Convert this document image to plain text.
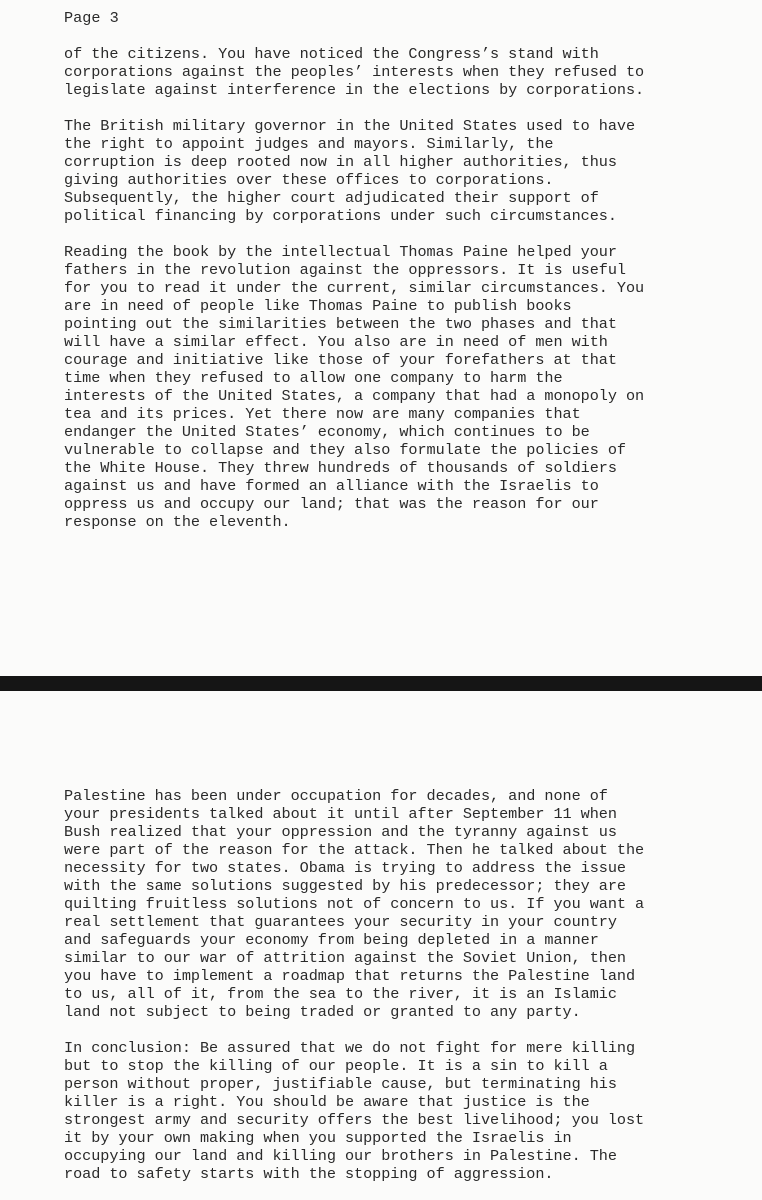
Page 3

of the citizens. You have noticed the Congress’s stand with
corporations against the peoples’ interests when they refused to
legislate against interference in the elections by corporations.

The British military governor in the United States used to have
the right to appoint judges and mayors. Similarly, the
corruption is deep rooted now in all higher authorities, thus
giving authorities over these offices to corporations.
Subsequently, the higher court adjudicated their support of
political financing by corporations under such circumstances.

Reading the book by the intellectual Thomas Paine helped your
fathers in the revolution against the oppressors. It is useful
for you to read it under the current, similar circumstances. You
are in need of people like Thomas Paine to publish books
pointing out the similarities between the two phases and that
will have a similar effect. You also are in need of men with
courage and initiative like those of your forefathers at that
time when they refused to allow one company to harm the
interests of the United States, a company that had a monopoly on
tea and its prices. Yet there now are many companies that
endanger the United States’ economy, which continues to be
vulnerable to collapse and they also formulate the policies of
the White House. They threw hundreds of thousands of soldiers
against us and have formed an alliance with the Israelis to
oppress us and occupy our land; that was the reason for our
response on the eleventh.

Palestine has been under occupation for decades, and none of
your presidents talked about it until after September 11 when
Bush realized that your oppression and the tyranny against us
were part of the reason for the attack. Then he talked about the
necessity for two states. Obama is trying to address the issue
with the same solutions suggested by his predecessor; they are
quilting fruitless solutions not of concern to us. If you want a
real settlement that guarantees your security in your country
and safeguards your economy from being depleted in a manner
similar to our war of attrition against the Soviet Union, then
you have to implement a roadmap that returns the Palestine land
to us, all of it, from the sea to the river, it is an Islamic
land not subject to being traded or granted to any party.

In conclusion: Be assured that we do not fight for mere killing
but to stop the killing of our people. It is a sin to kill a
person without proper, justifiable cause, but terminating his
killer is a right. You should be aware that justice is the
strongest army and security offers the best livelihood; you lost
it by your own making when you supported the Israelis in
occupying our land and killing our brothers in Palestine. The
road to safety starts with the stopping of aggression.
